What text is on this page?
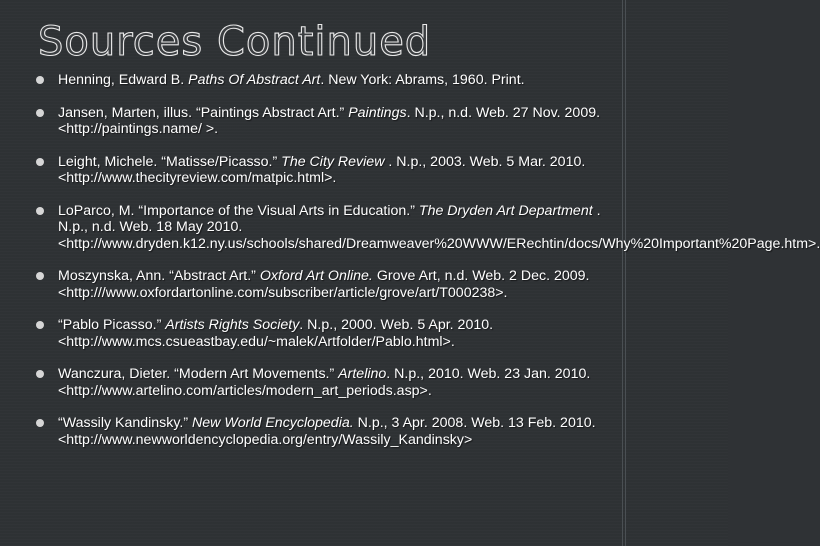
Sources Continued
Henning, Edward B. Paths Of Abstract Art. New York: Abrams, 1960. Print.
Jansen, Marten, illus. “Paintings Abstract Art.” Paintings. N.p., n.d. Web. 27 Nov. 2009. <http://paintings.name/ >.
Leight, Michele. “Matisse/Picasso.” The City Review . N.p., 2003. Web. 5 Mar. 2010. <http://www.thecityreview.com/matpic.html>.
LoParco, M. “Importance of the Visual Arts in Education.” The Dryden Art Department . N.p., n.d. Web. 18 May 2010. <http://www.dryden.k12.ny.us/schools/shared/Dreamweaver%20WWW/ERechtin/docs/Why%20Important%20Page.htm>.
Moszynska, Ann. “Abstract Art.” Oxford Art Online. Grove Art, n.d. Web. 2 Dec. 2009. <http:///www.oxfordartonline.com/subscriber/article/grove/art/T000238>.
“Pablo Picasso.” Artists Rights Society. N.p., 2000. Web. 5 Apr. 2010. <http://www.mcs.csueastbay.edu/~malek/Artfolder/Pablo.html>.
Wanczura, Dieter. “Modern Art Movements.” Artelino. N.p., 2010. Web. 23 Jan. 2010. <http://www.artelino.com/articles/modern_art_periods.asp>.
“Wassily Kandinsky.” New World Encyclopedia. N.p., 3 Apr. 2008. Web. 13 Feb. 2010. <http://www.newworldencyclopedia.org/entry/Wassily_Kandinsky>
